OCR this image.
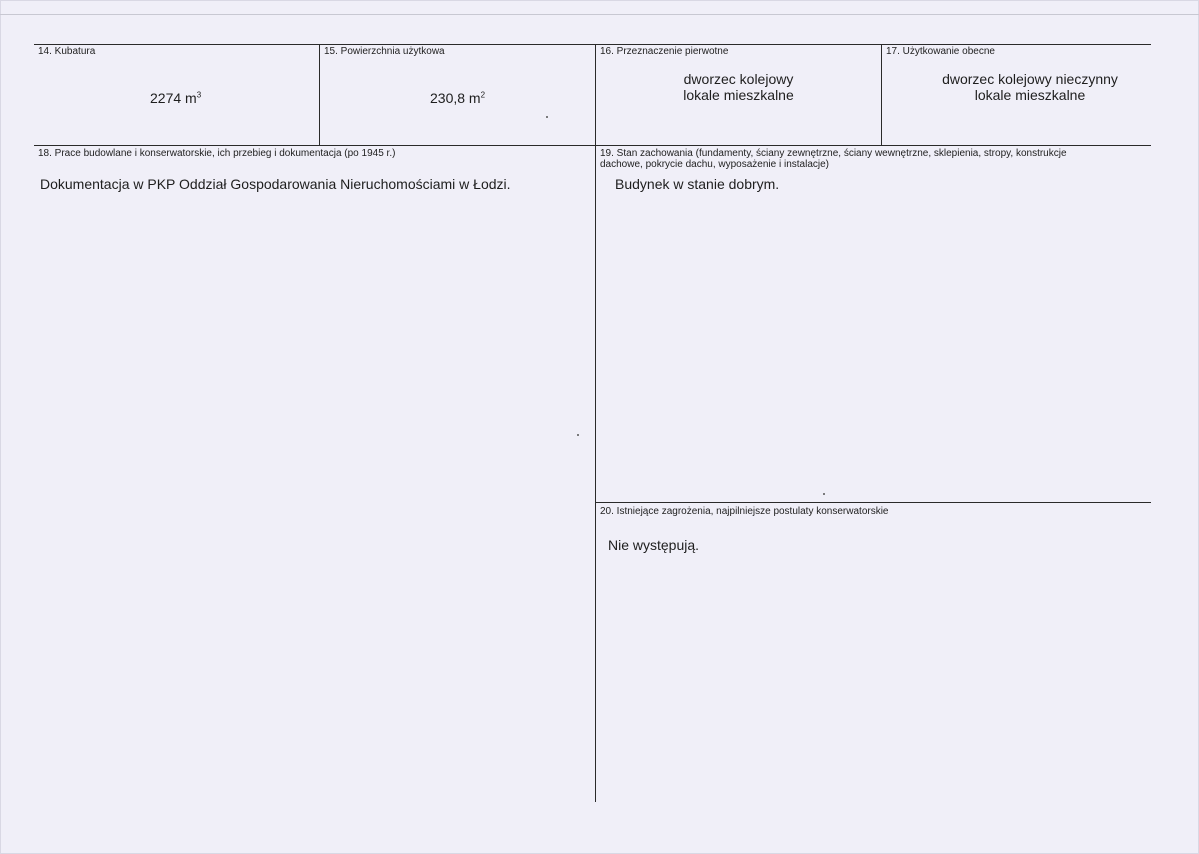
14. Kubatura
2274 $m^3$
15. Powierzchnia użytkowa
230,8 $m^2$
16. Przeznaczenie pierwotne
dworzec kolejowy
lokale mieszkalne
17. Użytkowanie obecne
dworzec kolejowy nieczynny
lokale mieszkalne
18. Prace budowlane i konserwatorskie, ich przebieg i dokumentacja (po 1945 r.)
Dokumentacja w PKP Oddział Gospodarowania Nieruchomościami w Łodzi.
19. Stan zachowania (fundamenty, ściany zewnętrzne, ściany wewnętrzne, sklepienia, stropy, konstrukcje dachowe, pokrycie dachu, wyposażenie i instalacje)
Budynek w stanie dobrym.
20. Istniejące zagrożenia, najpilniejsze postulaty konserwatorskie
Nie występują.
